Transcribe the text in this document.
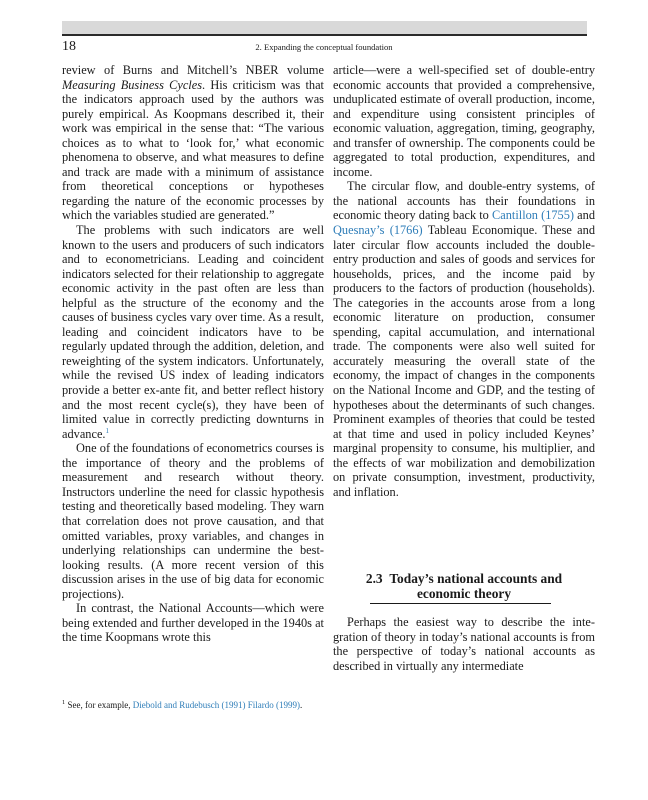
18	2. Expanding the conceptual foundation

review of Burns and Mitchell’s NBER volume Measuring Business Cycles. His criticism was that the indicators approach used by the authors was purely empirical. As Koopmans described it, their work was empirical in the sense that: “The various choices as to what to ‘look for,’ what economic phenomena to observe, and what measures to define and track are made with a minimum of assistance from theoretical conceptions or hypotheses regarding the nature of the economic processes by which the variables studied are generated.”

The problems with such indicators are well known to the users and producers of such indicators and to econometricians. Leading and coincident indicators selected for their relationship to aggregate economic activity in the past often are less than helpful as the structure of the economy and the causes of business cycles vary over time. As a result, leading and coincident indicators have to be regularly updated through the addition, deletion, and reweighting of the system indicators. Unfortunately, while the revised US index of leading indicators provide a better ex-ante fit, and better reflect history and the most recent cycle(s), they have been of limited value in correctly predicting downturns in advance.$^1$

One of the foundations of econometrics courses is the importance of theory and the problems of measurement and research without theory. Instructors underline the need for classic hypothesis testing and theoretically based modeling. They warn that correlation does not prove causation, and that omitted variables, proxy variables, and changes in underlying relationships can undermine the best-looking results. (A more recent version of this discussion arises in the use of big data for economic projections).

In contrast, the National Accounts—which were being extended and further developed in the 1940s at the time Koopmans wrote this

article—were a well-specified set of double-entry economic accounts that provided a comprehensive, unduplicated estimate of overall production, income, and expenditure using consistent principles of economic valuation, aggregation, timing, geography, and transfer of ownership. The components could be aggregated to total production, expenditures, and income.

The circular flow, and double-entry systems, of the national accounts has their foundations in economic theory dating back to Cantillon (1755) and Quesnay’s (1766) Tableau Economique. These and later circular flow accounts included the double-entry production and sales of goods and services for households, prices, and the income paid by producers to the factors of production (households). The categories in the accounts arose from a long economic literature on production, consumer spending, capital accumulation, and international trade. The components were also well suited for accurately measuring the overall state of the economy, the impact of changes in the components on the National Income and GDP, and the testing of hypotheses about the determinants of such changes. Prominent examples of theories that could be tested at that time and used in policy included Keynes’ marginal propensity to consume, his multiplier, and the effects of war mobilization and demobilization on private consumption, investment, productivity, and inflation.

2.3 Today’s national accounts and
economic theory

Perhaps the easiest way to describe the integration of theory in today’s national accounts is from the perspective of today’s national accounts as described in virtually any intermediate

$^1$ See, for example, Diebold and Rudebusch (1991) Filardo (1999).
